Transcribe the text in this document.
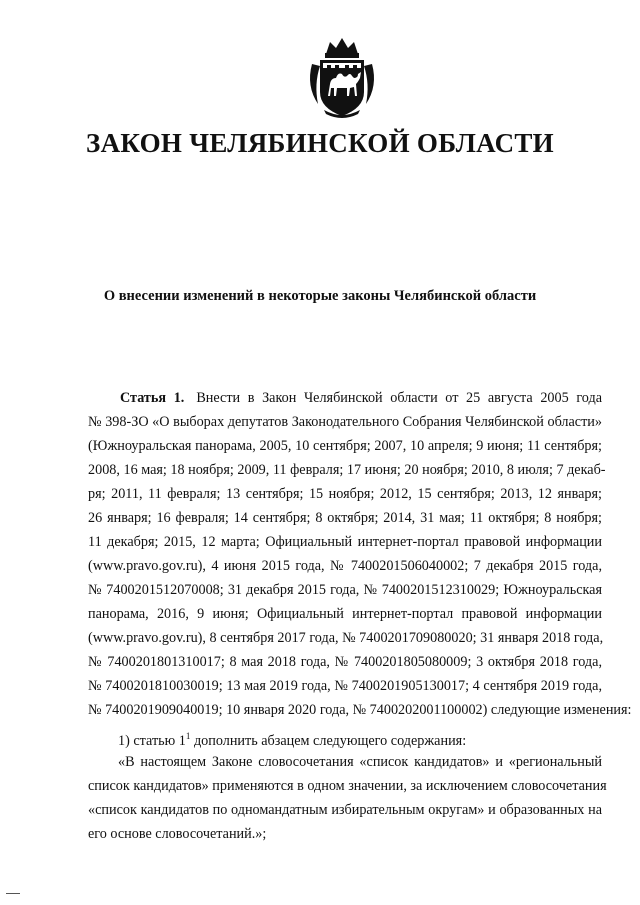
ЗАКОН ЧЕЛЯБИНСКОЙ ОБЛАСТИ
О внесении изменений в некоторые законы Челябинской области
Статья 1. Внести в Закон Челябинской области от 25 августа 2005 года
№ 398-ЗО «О выборах депутатов Законодательного Собрания Челябинской области»
(Южноуральская панорама, 2005, 10 сентября; 2007, 10 апреля; 9 июня; 11 сентября;
2008, 16 мая; 18 ноября; 2009, 11 февраля; 17 июня; 20 ноября; 2010, 8 июля; 7 декаб-
ря; 2011, 11 февраля; 13 сентября; 15 ноября; 2012, 15 сентября; 2013, 12 января;
26 января; 16 февраля; 14 сентября; 8 октября; 2014, 31 мая; 11 октября; 8 ноября;
11 декабря; 2015, 12 марта; Официальный интернет-портал правовой информации
(www.pravo.gov.ru), 4 июня 2015 года, № 7400201506040002; 7 декабря 2015 года,
№ 7400201512070008; 31 декабря 2015 года, № 7400201512310029; Южноуральская
панорама, 2016, 9 июня; Официальный интернет-портал правовой информации
(www.pravo.gov.ru), 8 сентября 2017 года, № 7400201709080020; 31 января 2018 года,
№ 7400201801310017; 8 мая 2018 года, № 7400201805080009; 3 октября 2018 года,
№ 7400201810030019; 13 мая 2019 года, № 7400201905130017; 4 сентября 2019 года,
№ 7400201909040019; 10 января 2020 года, № 7400202001100002) следующие изменения:
1) статью $1^1$ дополнить абзацем следующего содержания:
«В настоящем Законе словосочетания «список кандидатов» и «региональный
список кандидатов» применяются в одном значении, за исключением словосочетания
«список кандидатов по одномандатным избирательным округам» и образованных на
его основе словосочетаний.»;
